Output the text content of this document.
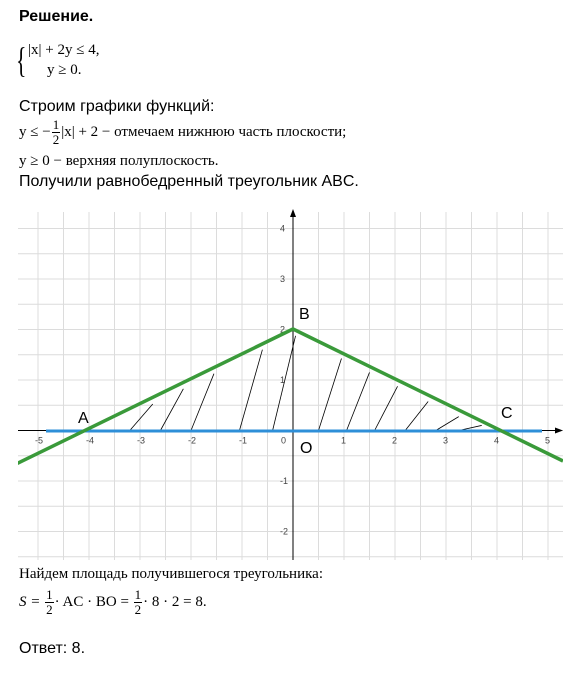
Решение.
{ |x| + 2y ≤ 4,
y ≥ 0.
Строим графики функций:
y ≤ − $\frac{1}{2} |x| + 2$ − отмечаем нижнюю часть плоскости;
y ≥ 0 − верхняя полуплоскость.
Получили равнобедренный треугольник ABC.
-5	-4	-3	-2	-1	0	1	2	3	4	5
4
3
2
1
-1
-2
A
B
C
O
Найдем площадь получившегося треугольника:
$S = \frac{1}{2}$ · AC · BO = $\frac{1}{2} \cdot 8 \cdot 2 = 8$.
Ответ: 8.
